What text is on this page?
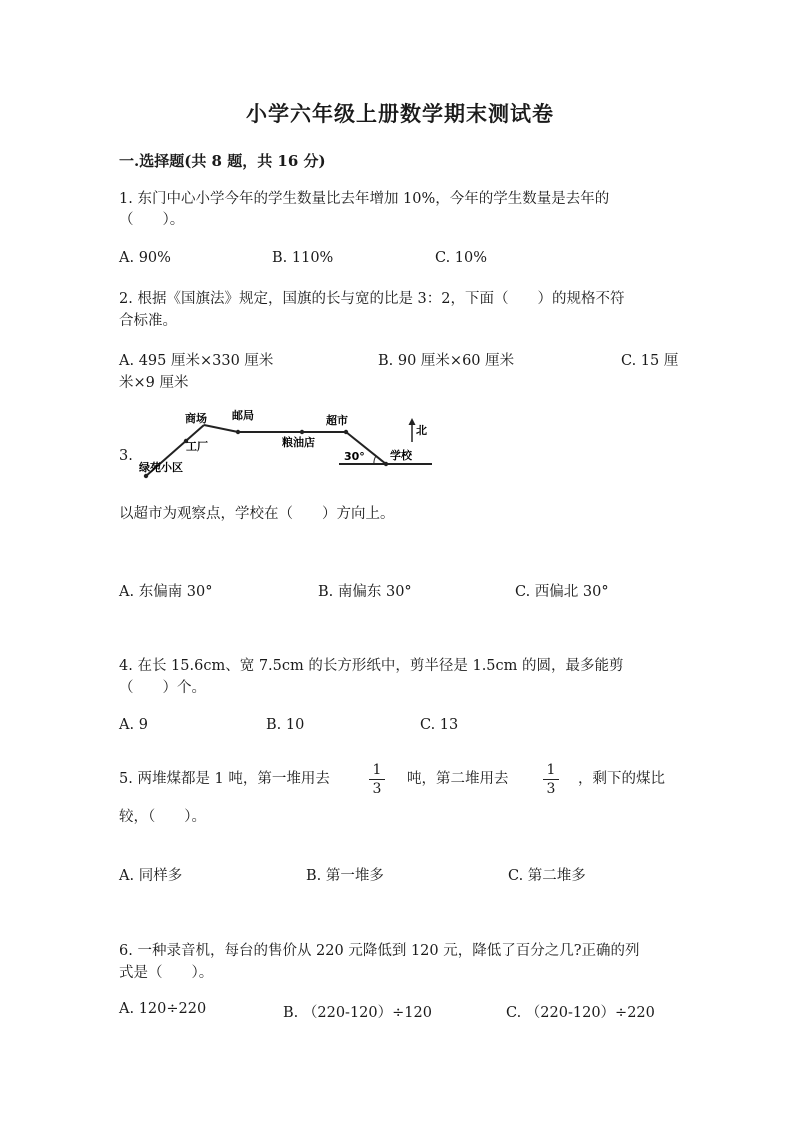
小学六年级上册数学期末测试卷
一.选择题(共 8 题，共 16 分)
1. 东门中心小学今年的学生数量比去年增加 10%，今年的学生数量是去年的
（　　）。
A. 90%	B. 110%	C. 10%
2. 根据《国旗法》规定，国旗的长与宽的比是 3：2，下面（　　）的规格不符
合标准。
A. 495 厘米×330 厘米	B. 90 厘米×60 厘米	C. 15 厘
米×9 厘米
3.
商场 邮局	超市
北
工厂	粮油店
30° 学校
绿苑小区
以超市为观察点，学校在（　　）方向上。
A. 东偏南 30°	B. 南偏东 30°	C. 西偏北 30°
4. 在长 15.6cm、宽 7.5cm 的长方形纸中，剪半径是 1.5cm 的圆，最多能剪
（　　）个。
A. 9	B. 10	C. 13
5. 两堆煤都是 1 吨，第一堆用去
1
3
吨，第二堆用去
1
3
，剩下的煤比
较，（　　）。
A. 同样多	B. 第一堆多	C. 第二堆多
6. 一种录音机，每台的售价从 220 元降低到 120 元，降低了百分之几?正确的列
式是（　　）。
A. 120÷220	B. （220-120）÷120	C. （220-120）÷220
